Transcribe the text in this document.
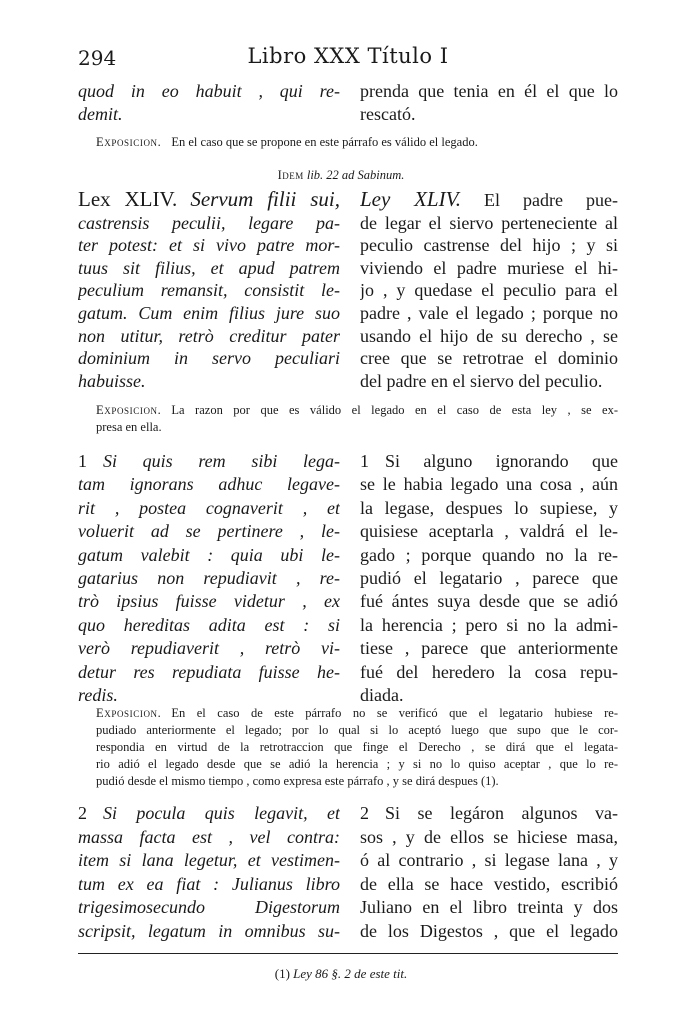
294	Libro XXX Título I
quod in eo habuit , qui re-
demit.
prenda que tenia en él el que lo
rescató.
Exposicion. En el caso que se propone en este párrafo es válido el legado.
Idem lib. 22 ad Sabinum.
Lex XLIV. Servum filii sui,
castrensis peculii, legare pa-
ter potest: et si vivo patre mor-
tuus sit filius, et apud patrem
peculium remansit, consistit le-
gatum. Cum enim filius jure suo
non utitur, retrò creditur pater
dominium in servo peculiari
habuisse.
Ley XLIV. El padre pue-
de legar el siervo perteneciente al
peculio castrense del hijo ; y si
viviendo el padre muriese el hi-
jo , y quedase el peculio para el
padre , vale el legado ; porque no
usando el hijo de su derecho , se
cree que se retrotrae el dominio
del padre en el siervo del peculio.
Exposicion. La razon por que es válido el legado en el caso de esta ley , se ex-
presa en ella.
1 Si quis rem sibi lega-
tam ignorans adhuc legave-
rit , postea cognaverit , et
voluerit ad se pertinere , le-
gatum valebit : quia ubi le-
gatarius non repudiavit , re-
trò ipsius fuisse videtur , ex
quo hereditas adita est : si
verò repudiaverit , retrò vi-
detur res repudiata fuisse he-
redis.
1 Si alguno ignorando que
se le habia legado una cosa , aún
la legase, despues lo supiese, y
quisiese aceptarla , valdrá el le-
gado ; porque quando no la re-
pudió el legatario , parece que
fué ántes suya desde que se adió
la herencia ; pero si no la admi-
tiese , parece que anteriormente
fué del heredero la cosa repu-
diada.
Exposicion. En el caso de este párrafo no se verificó que el legatario hubiese re-
pudiado anteriormente el legado; por lo qual si lo aceptó luego que supo que le cor-
respondia en virtud de la retrotraccion que finge el Derecho , se dirá que el legata-
rio adió el legado desde que se adió la herencia ; y si no lo quiso aceptar , que lo re-
pudió desde el mismo tiempo , como expresa este párrafo , y se dirá despues (1).
2 Si pocula quis legavit, et
massa facta est , vel contra:
item si lana legetur, et vestimen-
tum ex ea fiat : Julianus libro
trigesimosecundo Digestorum
scripsit, legatum in omnibus su-
2 Si se legáron algunos va-
sos , y de ellos se hiciese masa,
ó al contrario , si legase lana , y
de ella se hace vestido, escribió
Juliano en el libro treinta y dos
de los Digestos , que el legado
(1) Ley 86 §. 2 de este tit.
